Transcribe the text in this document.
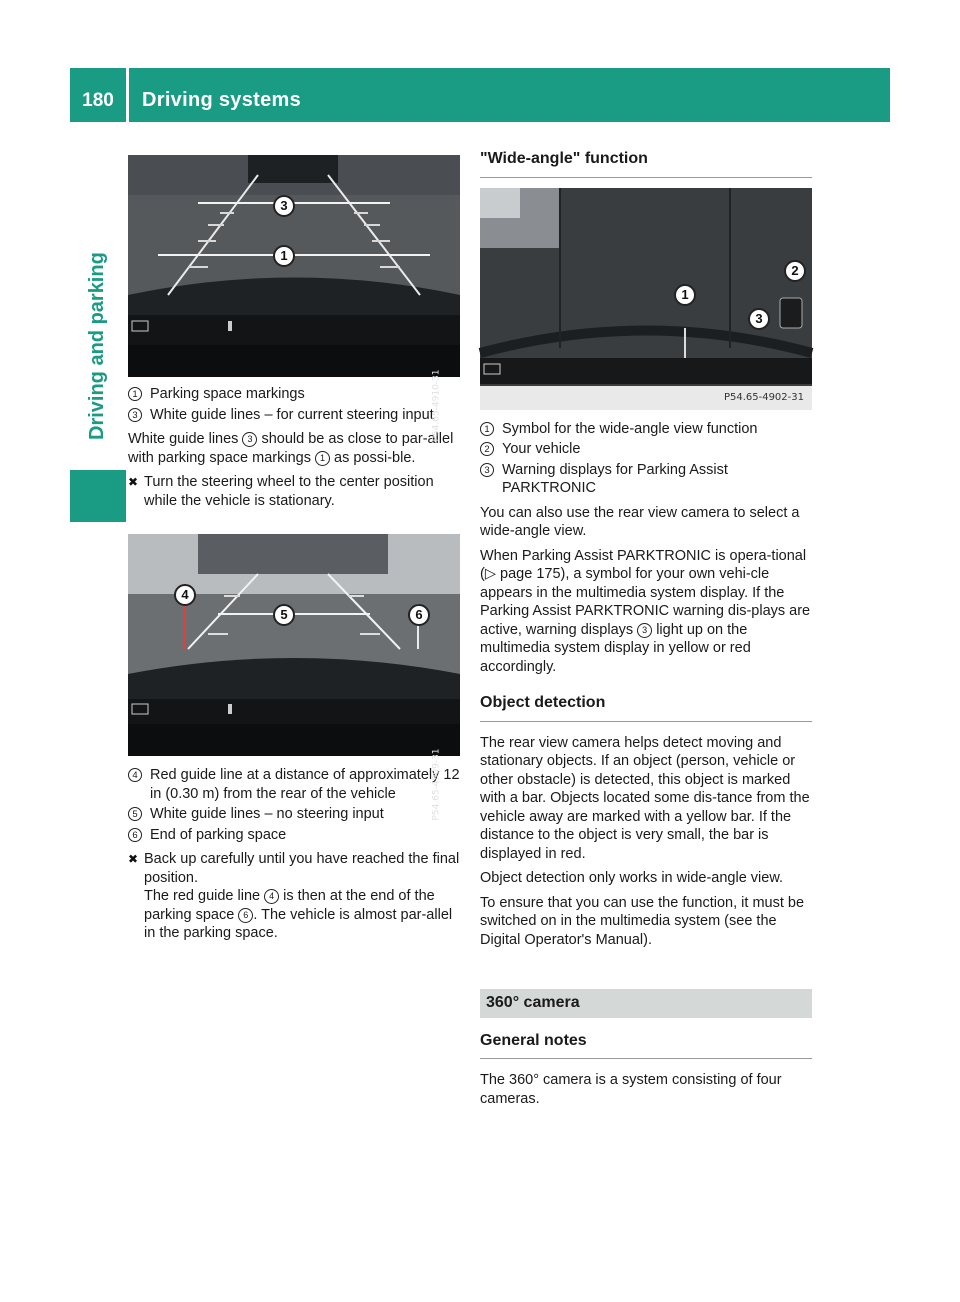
180	Driving systems
Driving and parking
3
1
P54.65-4910-31
1 Parking space markings
3 White guide lines – for current steering input

White guide lines 3 should be as close to par-allel with parking space markings 1 as possi-ble.

✖ Turn the steering wheel to the center position while the vehicle is stationary.
4
5	6
P54.65-4909-31
4 Red guide line at a distance of approximately 12 in (0.30 m) from the rear of the vehicle
5 White guide lines – no steering input
6 End of parking space
✖ Back up carefully until you have reached the final position.
The red guide line 4 is then at the end of the parking space 6 . The vehicle is almost par-allel in the parking space.
"Wide-angle" function
1
2
3
P54.65-4902-31
1 Symbol for the wide-angle view function
2 Your vehicle
3 Warning displays for Parking Assist PARKTRONIC

You can also use the rear view camera to select a wide-angle view.

When Parking Assist PARKTRONIC is opera-tional (▷ page 175), a symbol for your own vehi-cle appears in the multimedia system display. If the Parking Assist PARKTRONIC warning dis-plays are active, warning displays 3 light up on the multimedia system display in yellow or red accordingly.

Object detection

The rear view camera helps detect moving and stationary objects. If an object (person, vehicle or other obstacle) is detected, this object is marked with a bar. Objects located some dis-tance from the vehicle away are marked with a yellow bar. If the distance to the object is very small, the bar is displayed in red.

Object detection only works in wide-angle view.

To ensure that you can use the function, it must be switched on in the multimedia system (see the Digital Operator's Manual).

360° camera
General notes

The 360° camera is a system consisting of four cameras.
